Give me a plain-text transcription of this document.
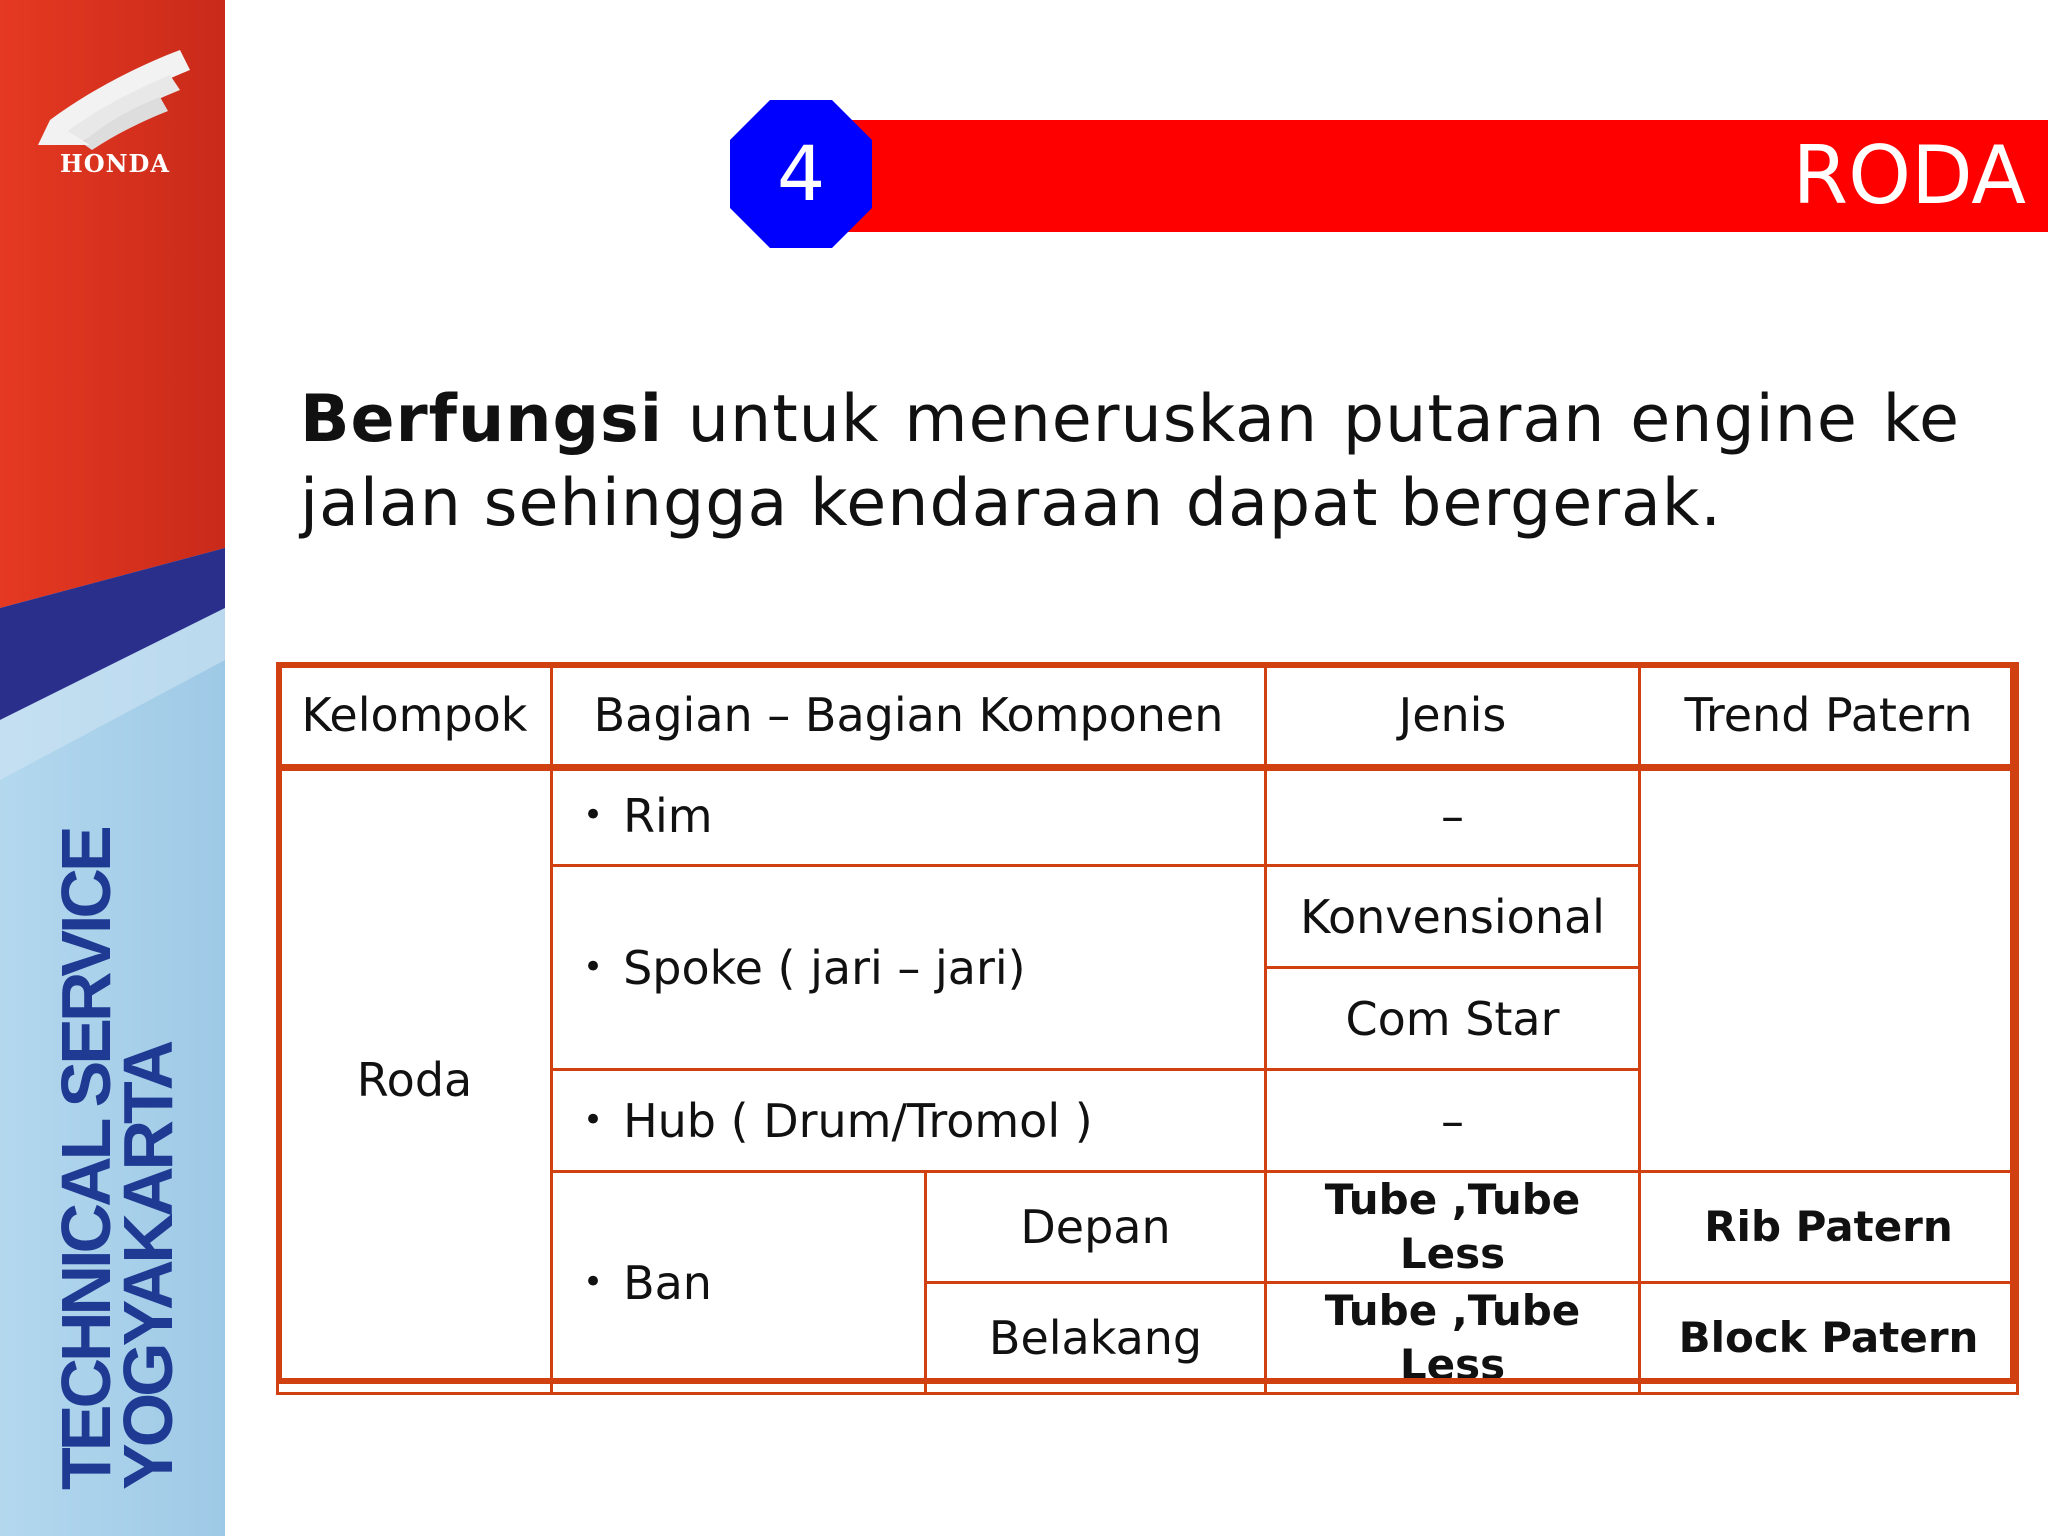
HONDA
TECHNICAL SERVICE
YOGYAKARTA
RODA
4
Berfungsi untuk meneruskan putaran engine ke jalan sehingga kendaraan dapat bergerak.
Kelompok	Bagian – Bagian Komponen		Jenis	Trend Patern
Roda	• Rim		–	
	• Spoke ( jari – jari)		Konvensional	
			Com Star	
	• Hub ( Drum/Tromol )		–	
	• Ban	Depan	Tube ,Tube Less	Rib Patern
		Belakang	Tube ,Tube Less	Block Patern
